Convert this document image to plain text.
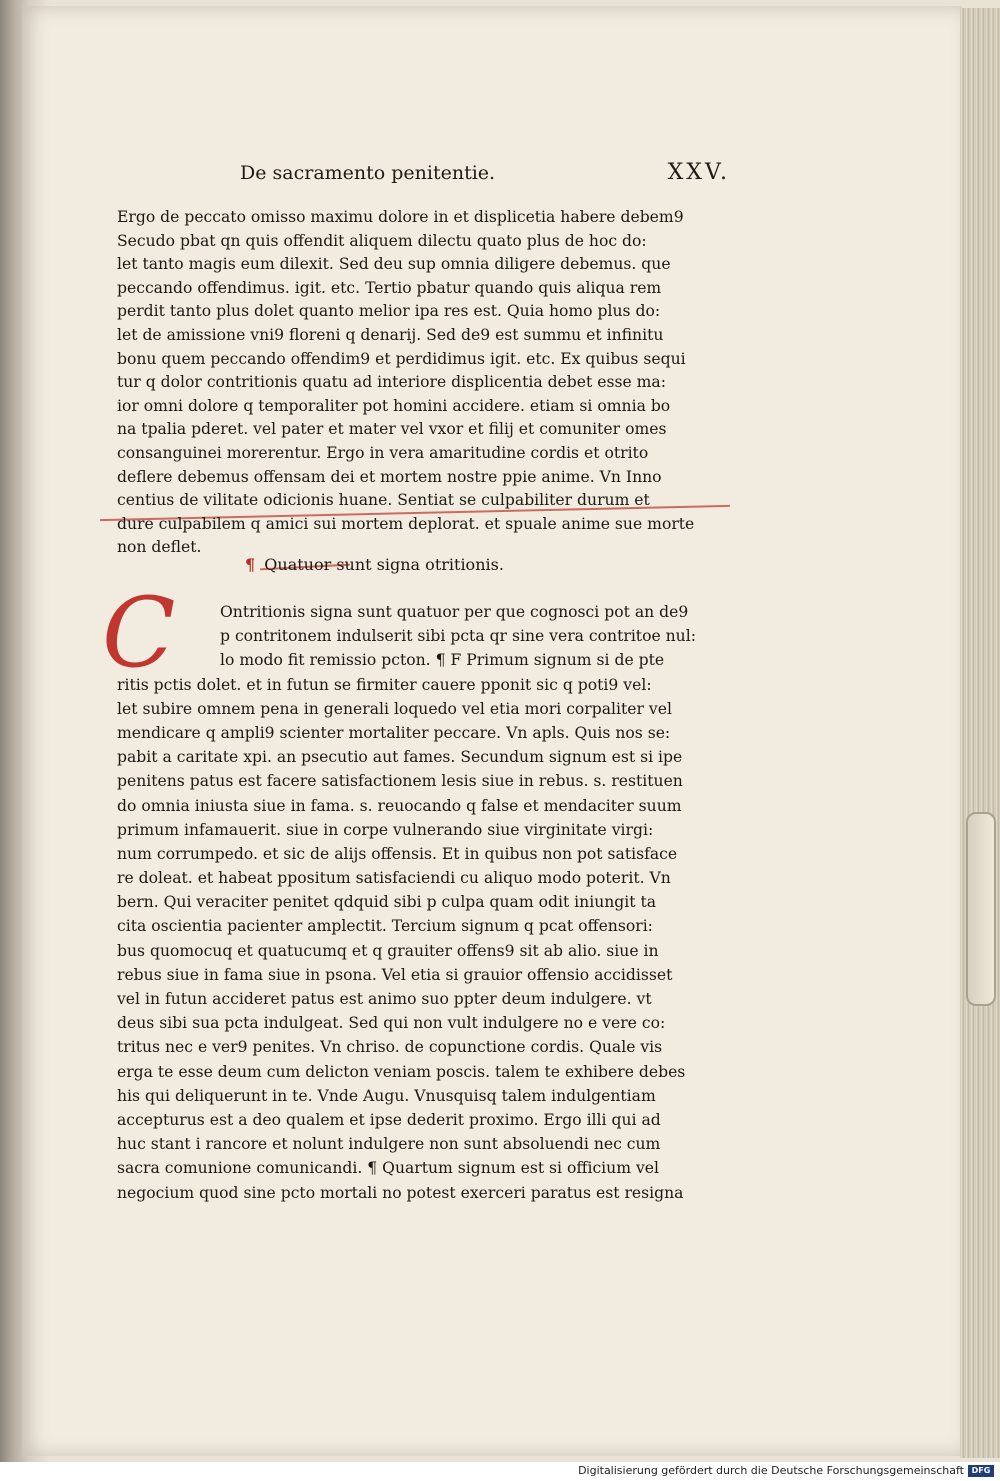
De sacramento penitentie.	XXV.
Ergo de peccato omisso maximu dolore in et displicetia habere debem9
Secudo pbat qn quis offendit aliquem dilectu quato plus de hoc do:
let tanto magis eum dilexit. Sed deu sup omnia diligere debemus. que
peccando offendimus. igit. etc. Tertio pbatur quando quis aliqua rem
perdit tanto plus dolet quanto melior ipa res est. Quia homo plus do:
let de amissione vni9 floreni q denarij. Sed de9 est summu et infinitu
bonu quem peccando offendim9 et perdidimus igit. etc. Ex quibus sequi
tur q dolor contritionis quatu ad interiore displicentia debet esse ma:
ior omni dolore q temporaliter pot homini accidere. etiam si omnia bo
na tpalia pderet. vel pater et mater vel vxor et filij et comuniter omes
consanguinei morerentur. Ergo in vera amaritudine cordis et otrito
deflere debemus offensam dei et mortem nostre ppie anime. Vn Inno
centius de vilitate odicionis huane. Sentiat se culpabiliter durum et
dure culpabilem q amici sui mortem deplorat. et spuale anime sue morte
non deflet.
¶ Quatuor sunt signa otritionis.
C	Ontritionis signa sunt quatuor per que cognosci pot an de9
p contritonem indulserit sibi pcta qr sine vera contritoe nul:
lo modo fit remissio pcton. ¶ F Primum signum si de pte
ritis pctis dolet. et in futun se firmiter cauere pponit sic q poti9 vel:
let subire omnem pena in generali loquedo vel etia mori corpaliter vel
mendicare q ampli9 scienter mortaliter peccare. Vn apls. Quis nos se:
pabit a caritate xpi. an psecutio aut fames. Secundum signum est si ipe
penitens patus est facere satisfactionem lesis siue in rebus. s. restituen
do omnia iniusta siue in fama. s. reuocando q false et mendaciter suum
primum infamauerit. siue in corpe vulnerando siue virginitate virgi:
num corrumpedo. et sic de alijs offensis. Et in quibus non pot satisface
re doleat. et habeat ppositum satisfaciendi cu aliquo modo poterit. Vn
bern. Qui veraciter penitet qdquid sibi p culpa quam odit iniungit ta
cita oscientia pacienter amplectit. Tercium signum q pcat offensori:
bus quomocuq et quatucumq et q grauiter offens9 sit ab alio. siue in
rebus siue in fama siue in psona. Vel etia si grauior offensio accidisset
vel in futun accideret patus est animo suo ppter deum indulgere. vt
deus sibi sua pcta indulgeat. Sed qui non vult indulgere no e vere co:
tritus nec e ver9 penites. Vn chriso. de copunctione cordis. Quale vis
erga te esse deum cum delicton veniam poscis. talem te exhibere debes
his qui deliquerunt in te. Vnde Augu. Vnusquisq talem indulgentiam
accepturus est a deo qualem et ipse dederit proximo. Ergo illi qui ad
huc stant i rancore et nolunt indulgere non sunt absoluendi nec cum
sacra comunione comunicandi. ¶ Quartum signum est si officium vel
negocium quod sine pcto mortali no potest exerceri paratus est resigna
Digitalisierung gefördert durch die Deutsche Forschungsgemeinschaft DFG
